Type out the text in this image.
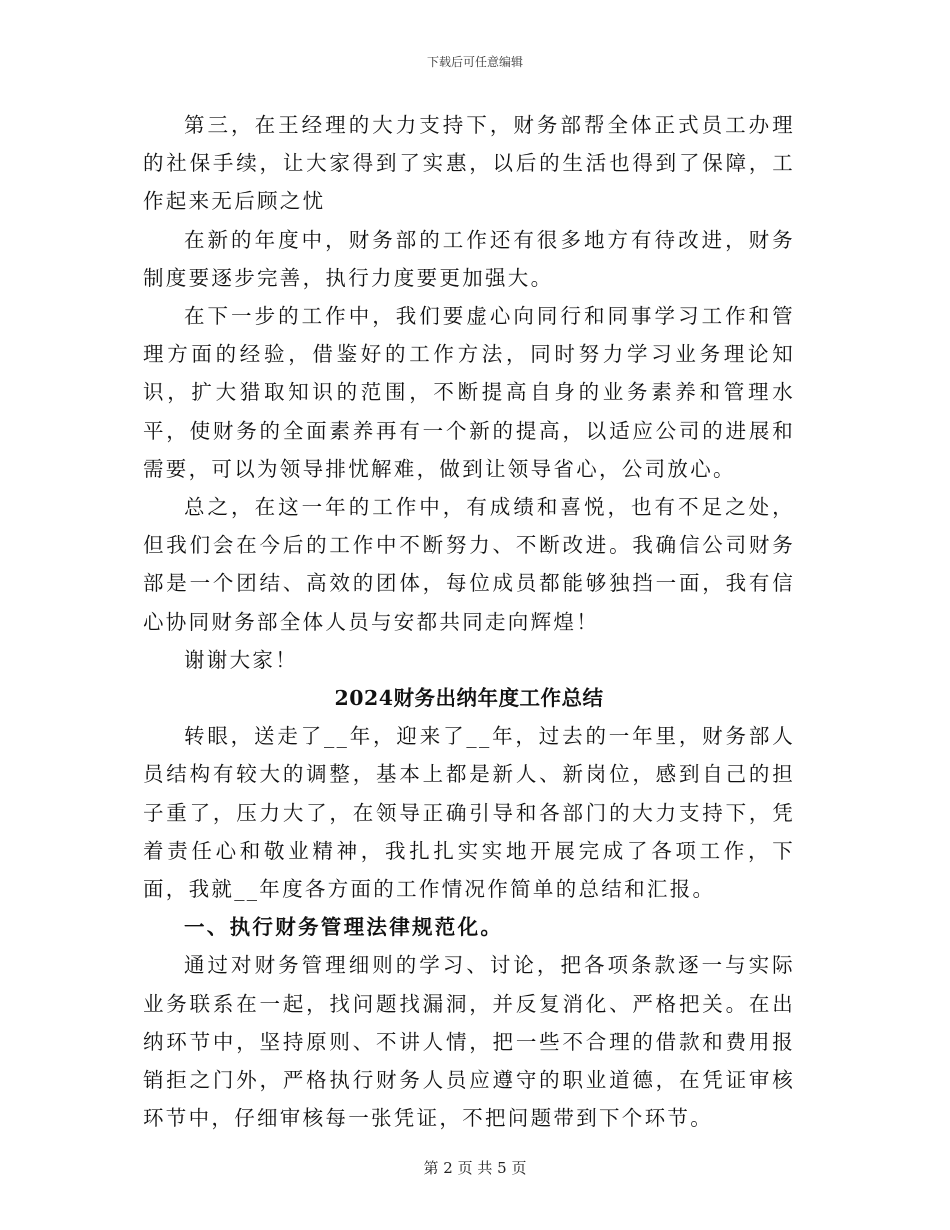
下载后可任意编辑

第三，在王经理的大力支持下，财务部帮全体正式员工办理的社保手续，让大家得到了实惠，以后的生活也得到了保障，工作起来无后顾之忧

在新的年度中，财务部的工作还有很多地方有待改进，财务制度要逐步完善，执行力度要更加强大。

在下一步的工作中，我们要虚心向同行和同事学习工作和管理方面的经验，借鉴好的工作方法，同时努力学习业务理论知识，扩大猎取知识的范围，不断提高自身的业务素养和管理水平，使财务的全面素养再有一个新的提高，以适应公司的进展和需要，可以为领导排忧解难，做到让领导省心，公司放心。

总之，在这一年的工作中，有成绩和喜悦，也有不足之处，但我们会在今后的工作中不断努力、不断改进。我确信公司财务部是一个团结、高效的团体，每位成员都能够独挡一面，我有信心协同财务部全体人员与安都共同走向辉煌！

谢谢大家！

2024财务出纳年度工作总结

转眼，送走了__年，迎来了__年，过去的一年里，财务部人员结构有较大的调整，基本上都是新人、新岗位，感到自己的担子重了，压力大了，在领导正确引导和各部门的大力支持下，凭着责任心和敬业精神，我扎扎实实地开展完成了各项工作，下面，我就__年度各方面的工作情况作简单的总结和汇报。

一、执行财务管理法律规范化。

通过对财务管理细则的学习、讨论，把各项条款逐一与实际业务联系在一起，找问题找漏洞，并反复消化、严格把关。在出纳环节中，坚持原则、不讲人情，把一些不合理的借款和费用报销拒之门外，严格执行财务人员应遵守的职业道德，在凭证审核环节中，仔细审核每一张凭证，不把问题带到下个环节。

第 2 页 共 5 页
